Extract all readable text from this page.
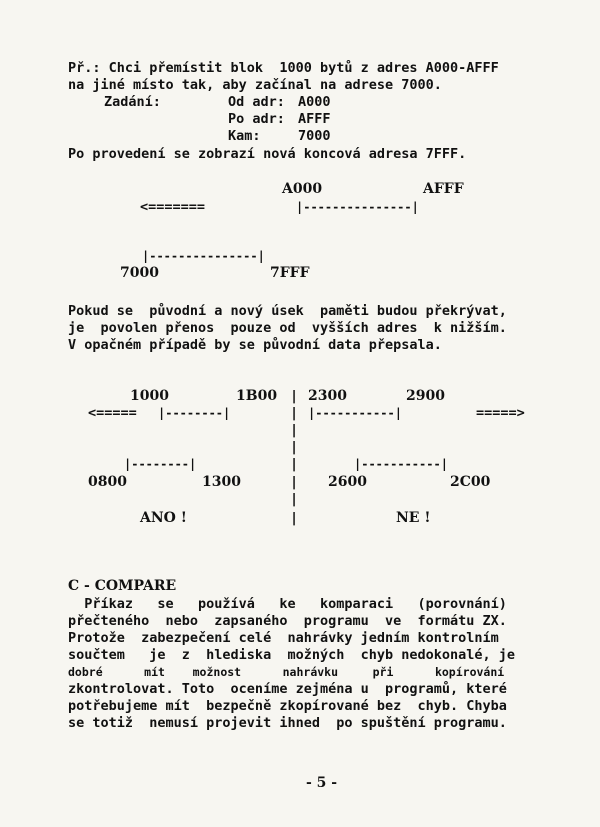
Př.: Chci přemístit blok  1000 bytů z adres A000-AFFF
na jiné místo tak, aby začínal na adrese 7000.
Zadání:	Od adr: A000
Po adr: AFFF
Kam:	7000
Po provedení se zobrazí nová koncová adresa 7FFF.
A000	AFFF
<=======	|---------------|
|---------------|
7000	7FFF
Pokud se  původní a nový úsek  paměti budou překrývat,
je  povolen přenos  pouze od  vyšších adres  k nižším.
V opačném případě by se původní data přepsala.
1000	1B00
<===== |--------|
|--------|
0800	1300
ANO !
|
|
|
|
|
|
|
|
2300	2900
|-----------|	=====>
|-----------|
2600	2C00
NE !
C - COMPARE
Příkaz   se   používá   ke   komparaci   (porovnání)
přečteného  nebo  zapsaného  programu  ve  formátu ZX.
Protože  zabezpečení celé  nahrávky jedním kontrolním
součtem   je  z  hlediska  možných  chyb nedokonalé, je
dobré      mít    možnost      nahrávku     při      kopírování
zkontrolovat. Toto  oceníme zejména u  programů, které
potřebujeme mít  bezpečně zkopírované bez  chyb. Chyba
se totiž  nemusí projevit ihned  po spuštění programu.
- 5 -
